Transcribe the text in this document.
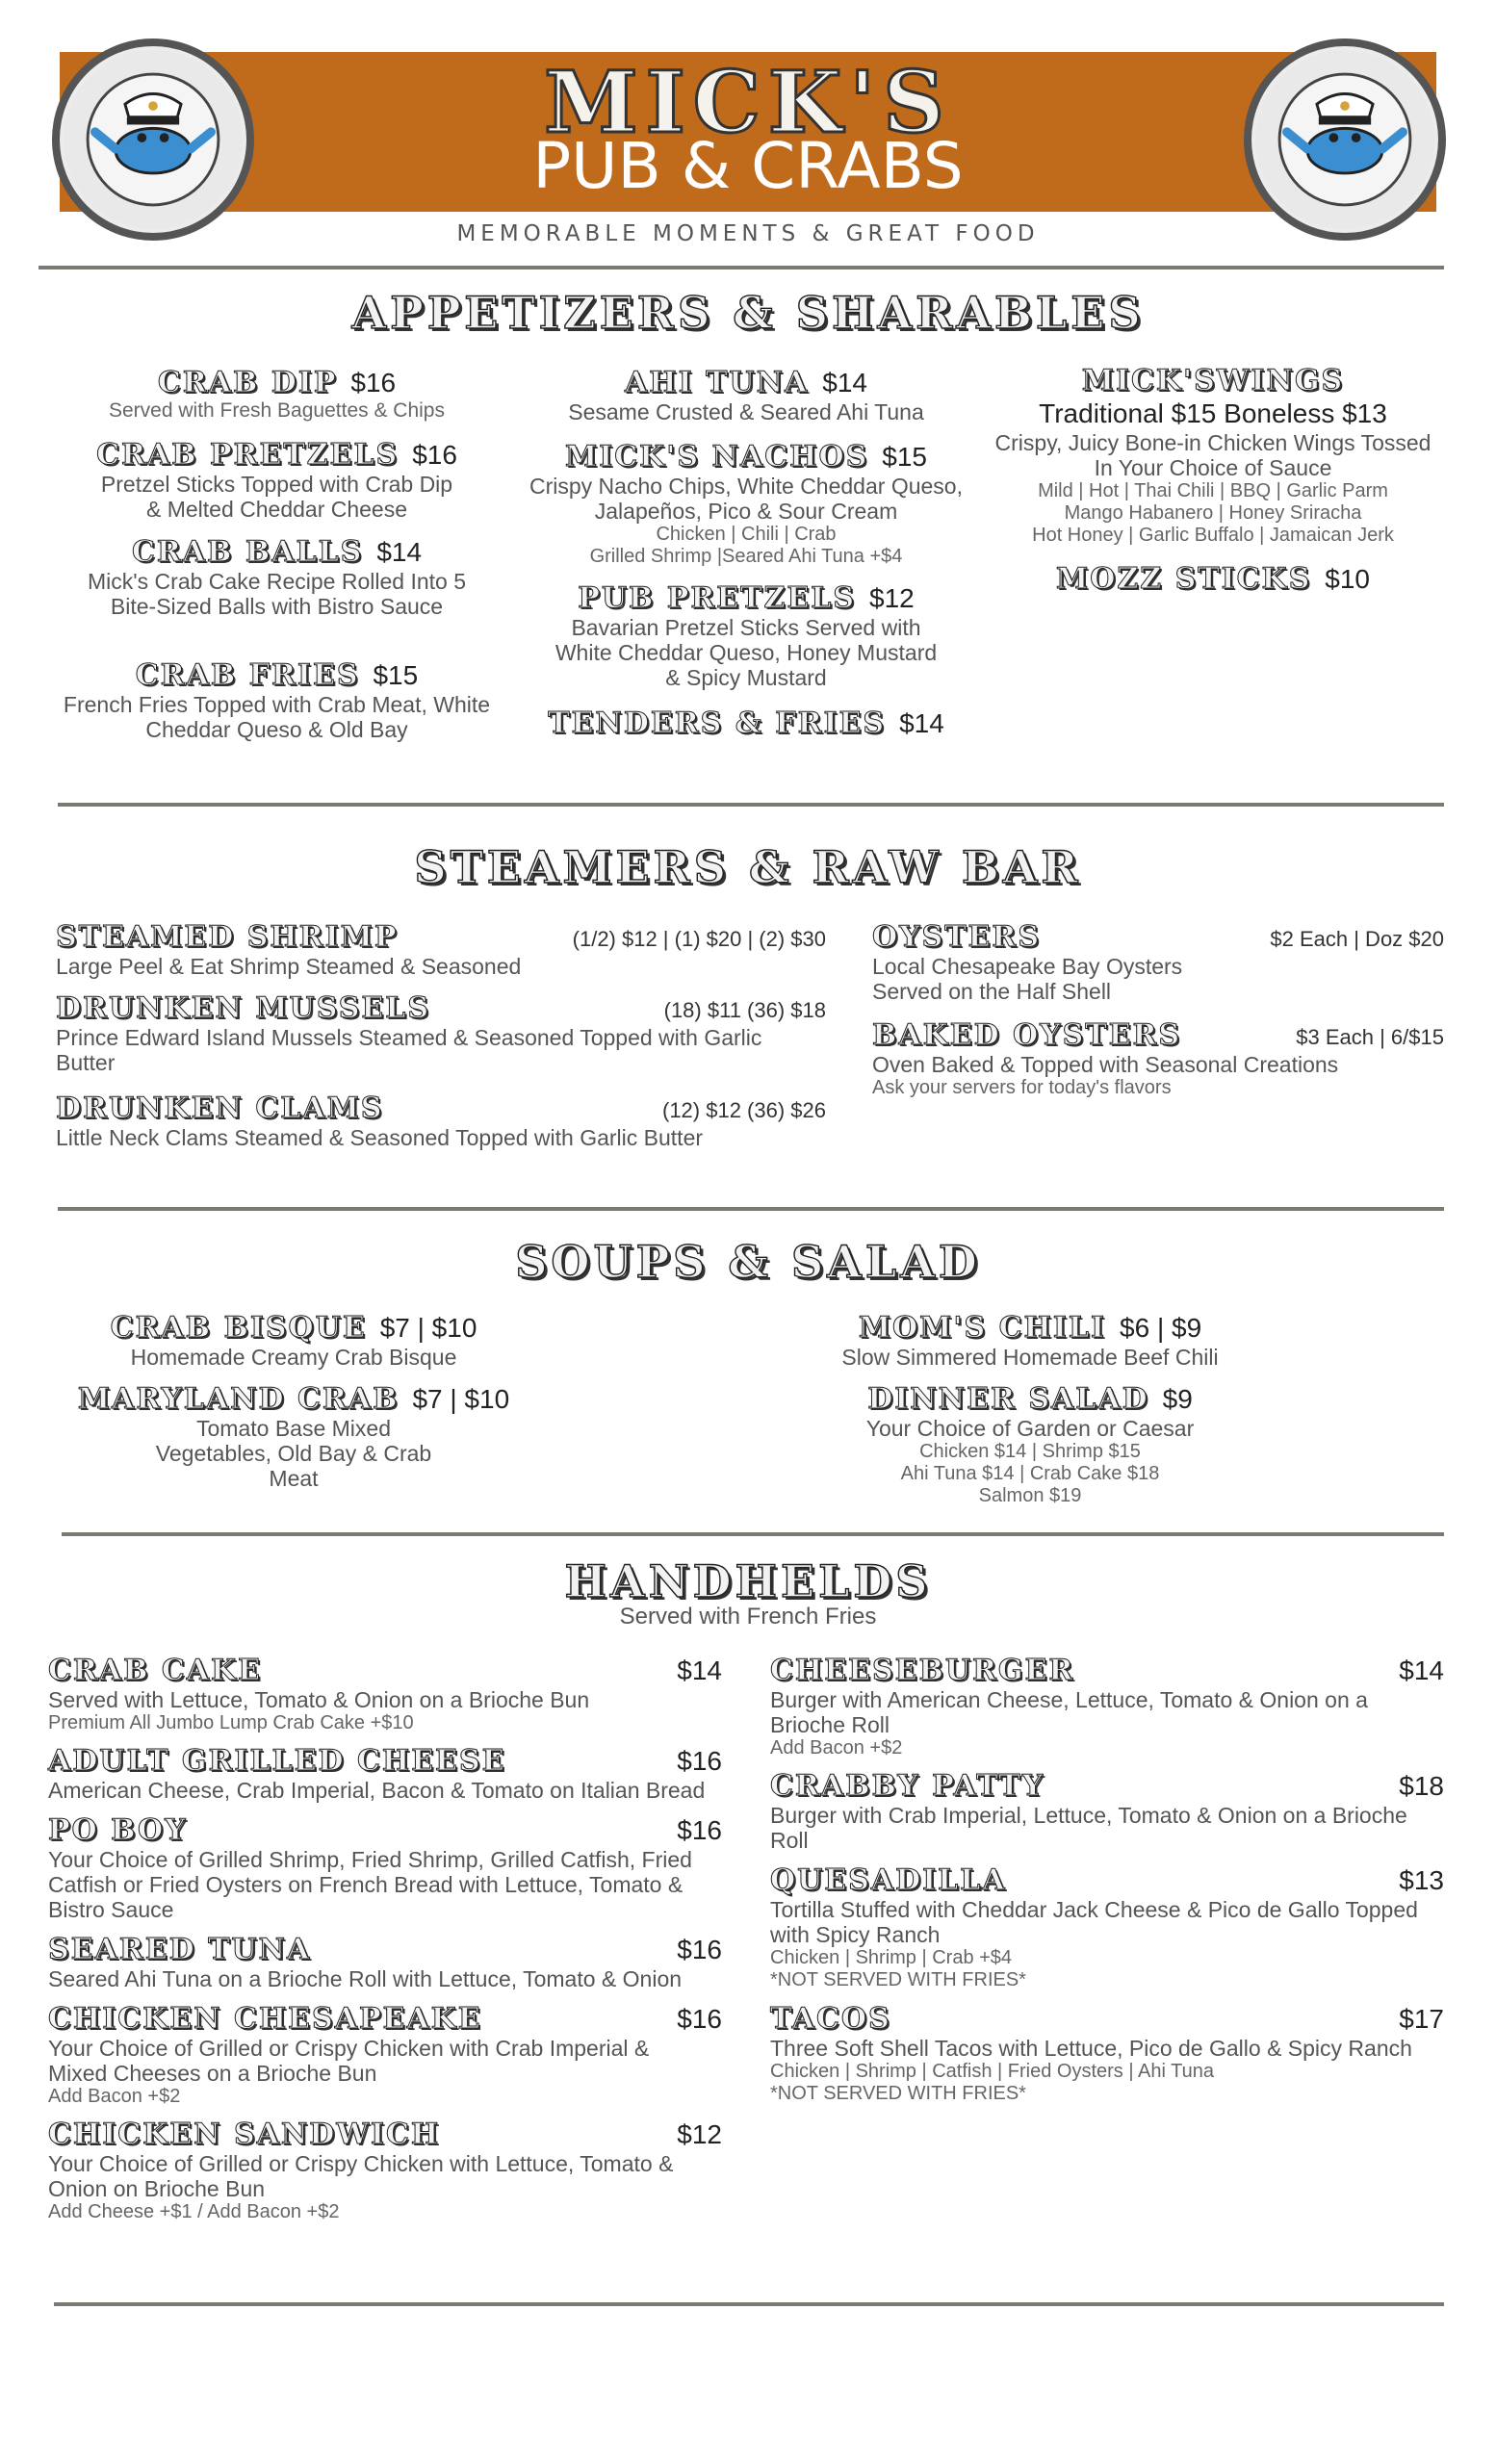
MICK'S
PUB & CRABS
MEMORABLE MOMENTS & GREAT FOOD
APPETIZERS & SHARABLES
CRAB DIP $16
Served with Fresh Baguettes & Chips
CRAB PRETZELS $16
Pretzel Sticks Topped with Crab Dip & Melted Cheddar Cheese
CRAB BALLS $14
Mick's Crab Cake Recipe Rolled Into 5 Bite-Sized Balls with Bistro Sauce
CRAB FRIES $15
French Fries Topped with Crab Meat, White Cheddar Queso & Old Bay
AHI TUNA $14
Sesame Crusted & Seared Ahi Tuna
MICK'S NACHOS $15
Crispy Nacho Chips, White Cheddar Queso, Jalapeños, Pico & Sour Cream
Chicken | Chili | Crab
Grilled Shrimp |Seared Ahi Tuna +$4
PUB PRETZELS $12
Bavarian Pretzel Sticks Served with White Cheddar Queso, Honey Mustard & Spicy Mustard
TENDERS & FRIES $14
MICK'SWINGS
Traditional $15 Boneless $13
Crispy, Juicy Bone-in Chicken Wings Tossed In Your Choice of Sauce
Mild | Hot | Thai Chili | BBQ | Garlic Parm
Mango Habanero | Honey Sriracha
Hot Honey | Garlic Buffalo | Jamaican Jerk
MOZZ STICKS $10
STEAMERS & RAW BAR
STEAMED SHRIMP	(1/2) $12 | (1) $20 | (2) $30
Large Peel & Eat Shrimp Steamed & Seasoned
DRUNKEN MUSSELS	(18) $11 (36) $18
Prince Edward Island Mussels Steamed & Seasoned Topped with Garlic Butter
DRUNKEN CLAMS	(12) $12 (36) $26
Little Neck Clams Steamed & Seasoned Topped with Garlic Butter
OYSTERS	$2 Each | Doz $20
Local Chesapeake Bay Oysters Served on the Half Shell
BAKED OYSTERS	$3 Each | 6/$15
Oven Baked & Topped with Seasonal Creations
Ask your servers for today's flavors
SOUPS & SALAD
CRAB BISQUE $7 | $10
Homemade Creamy Crab Bisque
MARYLAND CRAB $7 | $10
Tomato Base Mixed Vegetables, Old Bay & Crab Meat
MOM'S CHILI $6 | $9
Slow Simmered Homemade Beef Chili
DINNER SALAD $9
Your Choice of Garden or Caesar
Chicken $14 | Shrimp $15
Ahi Tuna $14 | Crab Cake $18
Salmon $19
HANDHELDS
Served with French Fries
CRAB CAKE	$14
Served with Lettuce, Tomato & Onion on a Brioche Bun
Premium All Jumbo Lump Crab Cake +$10
ADULT GRILLED CHEESE	$16
American Cheese, Crab Imperial, Bacon & Tomato on Italian Bread
PO BOY	$16
Your Choice of Grilled Shrimp, Fried Shrimp, Grilled Catfish, Fried Catfish or Fried Oysters on French Bread with Lettuce, Tomato & Bistro Sauce
SEARED TUNA	$16
Seared Ahi Tuna on a Brioche Roll with Lettuce, Tomato & Onion
CHICKEN CHESAPEAKE	$16
Your Choice of Grilled or Crispy Chicken with Crab Imperial & Mixed Cheeses on a Brioche Bun
Add Bacon +$2
CHICKEN SANDWICH	$12
Your Choice of Grilled or Crispy Chicken with Lettuce, Tomato & Onion on Brioche Bun
Add Cheese +$1 / Add Bacon +$2
CHEESEBURGER	$14
Burger with American Cheese, Lettuce, Tomato & Onion on a Brioche Roll
Add Bacon +$2
CRABBY PATTY	$18
Burger with Crab Imperial, Lettuce, Tomato & Onion on a Brioche Roll
QUESADILLA	$13
Tortilla Stuffed with Cheddar Jack Cheese & Pico de Gallo Topped with Spicy Ranch
Chicken | Shrimp | Crab +$4
*NOT SERVED WITH FRIES*
TACOS	$17
Three Soft Shell Tacos with Lettuce, Pico de Gallo & Spicy Ranch
Chicken | Shrimp | Catfish | Fried Oysters | Ahi Tuna
*NOT SERVED WITH FRIES*
